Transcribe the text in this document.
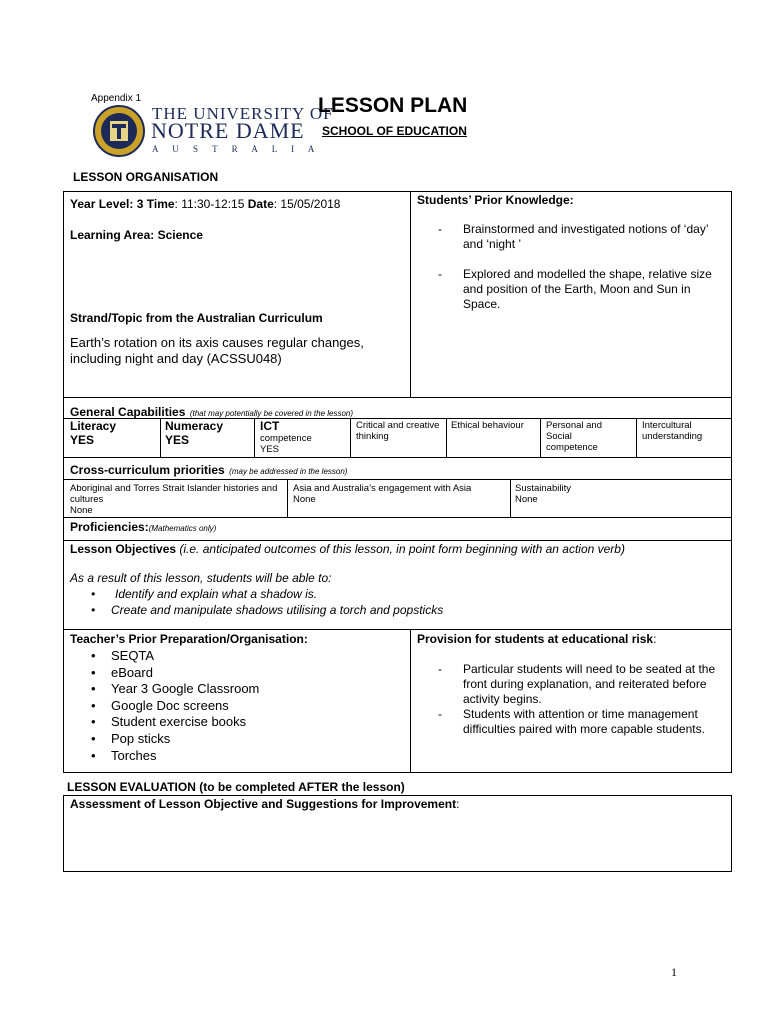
Appendix 1
THE UNIVERSITY OF
NOTRE DAME
A U S T R A L I A
LESSON PLAN
SCHOOL OF EDUCATION
LESSON ORGANISATION
Year Level: 3 Time: 11:30-12:15 Date: 15/05/2018
Learning Area: Science
Strand/Topic from the Australian Curriculum
Earth’s rotation on its axis causes regular changes, including night and day (ACSSU048)
Students’ Prior Knowledge:
- Brainstormed and investigated notions of ‘day’ and ‘night ’
- Explored and modelled the shape, relative size and position of the Earth, Moon and Sun in Space.
General Capabilities (that may potentially be covered in the lesson)
Literacy
YES
Numeracy
YES
ICT
competence
YES
Critical and creative thinking
Ethical behaviour	Personal and Social competence
Intercultural understanding
Cross-curriculum priorities (may be addressed in the lesson)
Aboriginal and Torres Strait Islander histories and cultures
None
Asia and Australia’s engagement with Asia
None
Sustainability
None
Proficiencies:(Mathematics only)
Lesson Objectives (i.e. anticipated outcomes of this lesson, in point form beginning with an action verb)
As a result of this lesson, students will be able to:
• Identify and explain what a shadow is.
• Create and manipulate shadows utilising a torch and popsticks
Teacher’s Prior Preparation/Organisation:
• SEQTA
• eBoard
• Year 3 Google Classroom
• Google Doc screens
• Student exercise books
• Pop sticks
• Torches
Provision for students at educational risk:
- Particular students will need to be seated at the front during explanation, and reiterated before activity begins.
- Students with attention or time management difficulties paired with more capable students.
LESSON EVALUATION (to be completed AFTER the lesson)
Assessment of Lesson Objective and Suggestions for Improvement:
1
